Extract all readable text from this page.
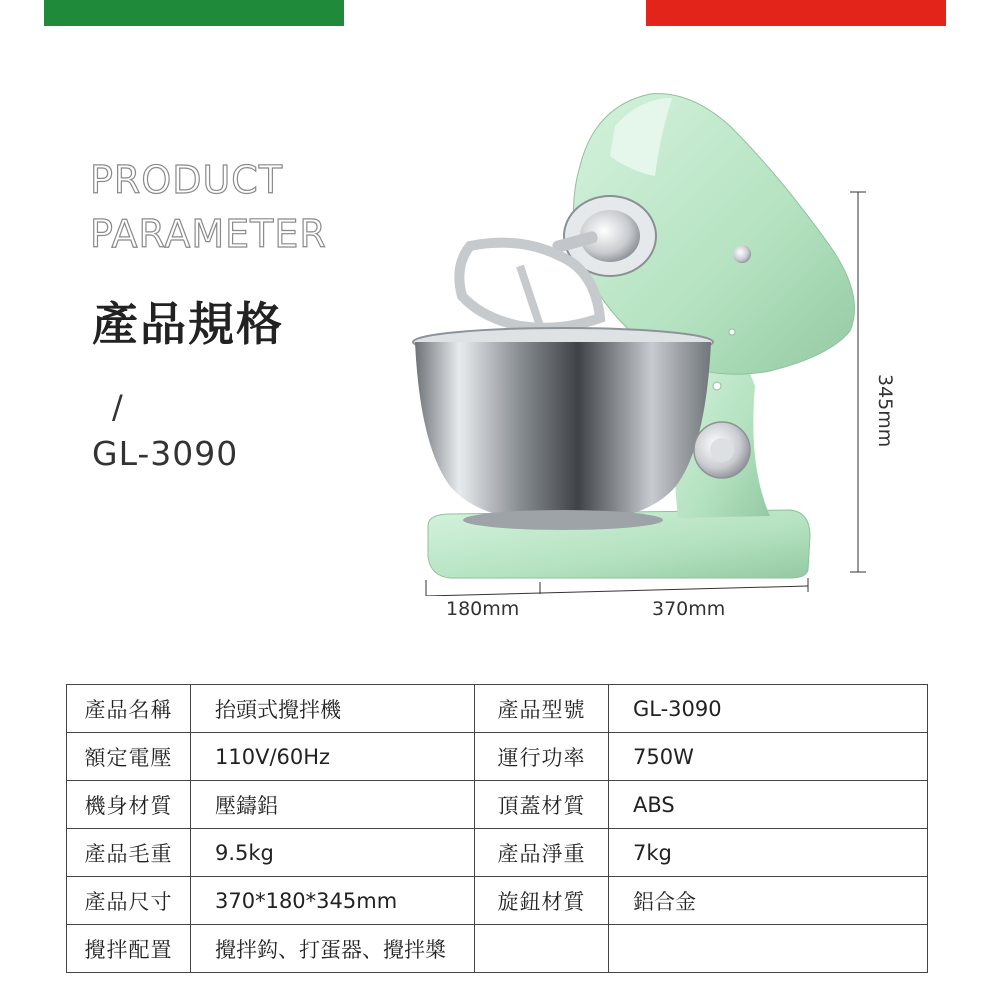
PRODUCT
PARAMETER
產品規格
/
GL-3090
180mm	370mm
345mm
產品名稱	抬頭式攪拌機	產品型號	GL-3090
額定電壓	110V/60Hz	運行功率	750W
機身材質	壓鑄鋁	頂蓋材質	ABS
產品毛重	9.5kg	產品淨重	7kg
產品尺寸	370*180*345mm	旋鈕材質	鋁合金
攪拌配置	攪拌鈎、打蛋器、攪拌槳		
